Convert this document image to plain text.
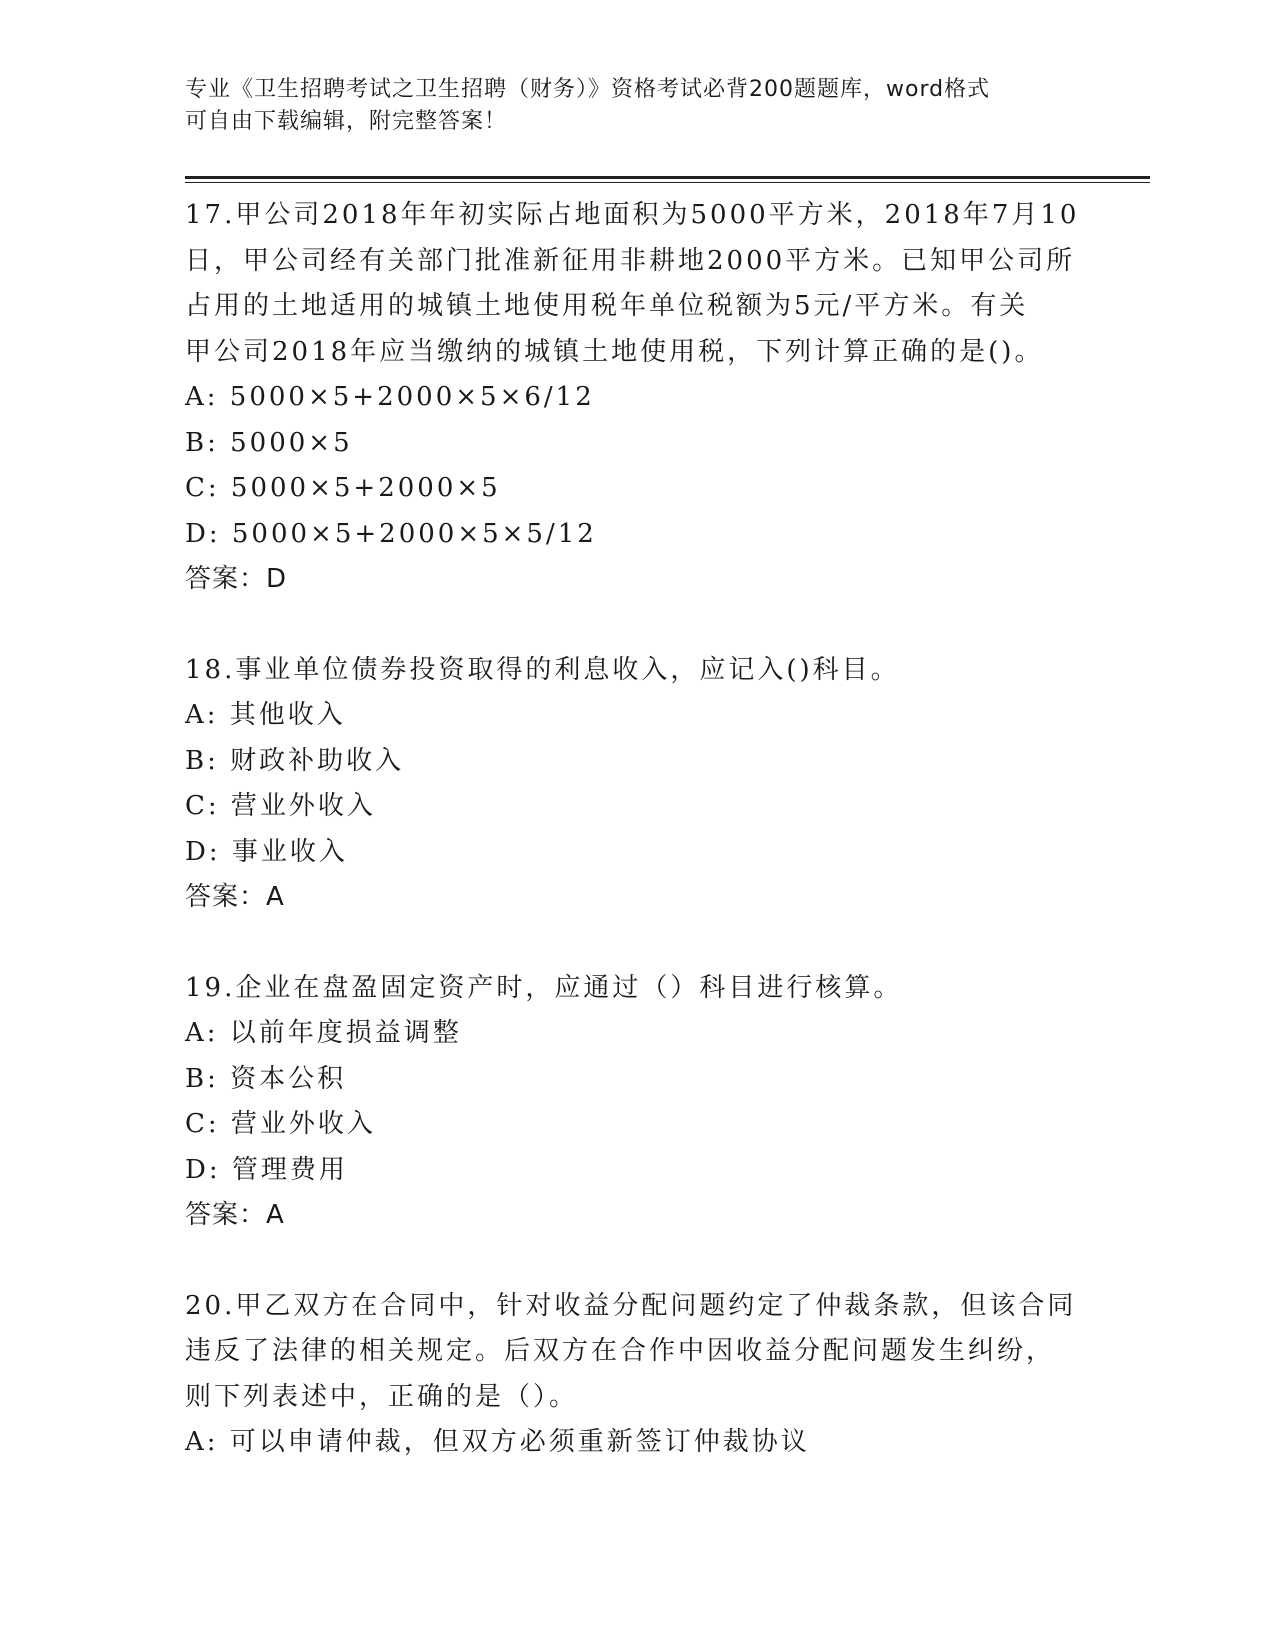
专业《卫生招聘考试之卫生招聘（财务）》资格考试必背200题题库，word格式
可自由下载编辑，附完整答案！
17.甲公司2018年年初实际占地面积为5000平方米，2018年7月10
日，甲公司经有关部门批准新征用非耕地2000平方米。已知甲公司所
占用的土地适用的城镇土地使用税年单位税额为5元/平方米。有关
甲公司2018年应当缴纳的城镇土地使用税，下列计算正确的是()。
A: 5000×5+2000×5×6/12
B: 5000×5
C: 5000×5+2000×5
D: 5000×5+2000×5×5/12
答案：D
18.事业单位债券投资取得的利息收入，应记入()科目。
A: 其他收入
B: 财政补助收入
C: 营业外收入
D: 事业收入
答案：A
19.企业在盘盈固定资产时，应通过（）科目进行核算。
A: 以前年度损益调整
B: 资本公积
C: 营业外收入
D: 管理费用
答案：A
20.甲乙双方在合同中，针对收益分配问题约定了仲裁条款，但该合同
违反了法律的相关规定。后双方在合作中因收益分配问题发生纠纷，
则下列表述中，正确的是（）。
A: 可以申请仲裁，但双方必须重新签订仲裁协议
